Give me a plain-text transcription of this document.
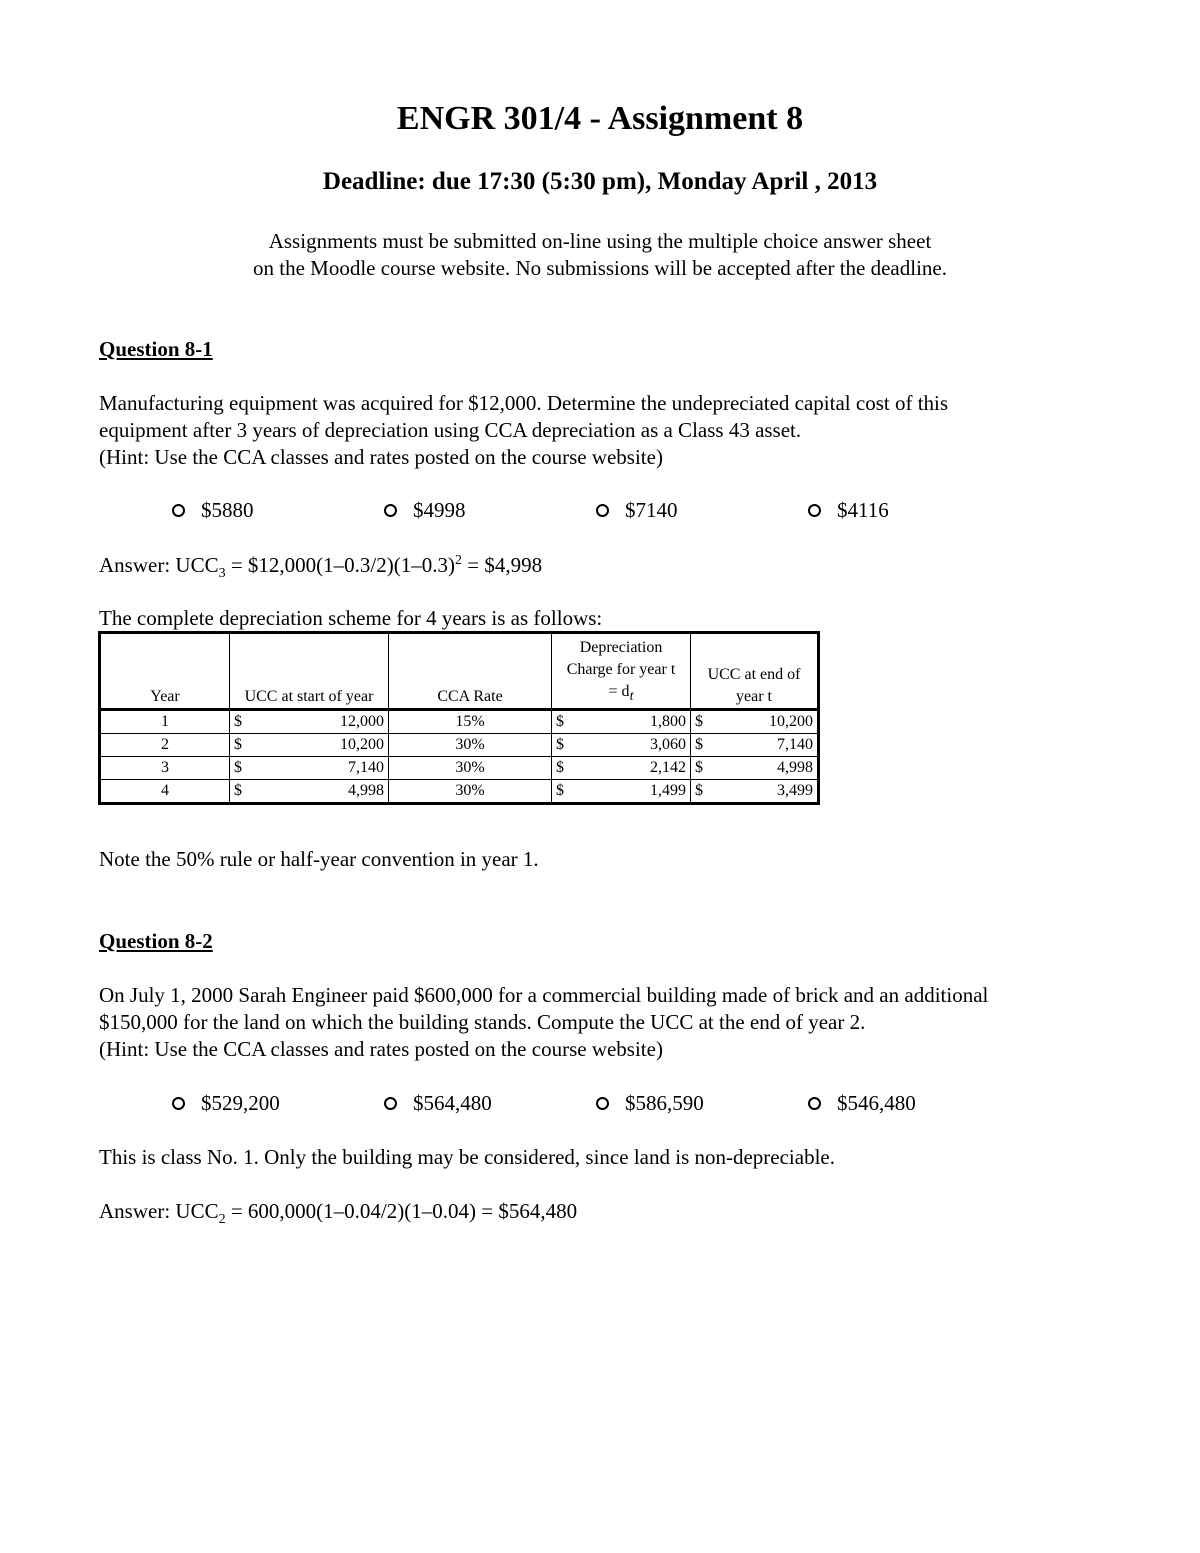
ENGR 301/4 - Assignment 8
Deadline: due 17:30 (5:30 pm), Monday April , 2013
Assignments must be submitted on-line using the multiple choice answer sheet
on the Moodle course website. No submissions will be accepted after the deadline.
Question 8-1
Manufacturing equipment was acquired for $12,000. Determine the undepreciated capital cost of this
equipment after 3 years of depreciation using CCA depreciation as a Class 43 asset.
(Hint: Use the CCA classes and rates posted on the course website)
$5880	$4998	$7140	$4116
Answer: $UCC_3$ = $\$12,000(1-0.3/2)(1-0.3)^2$ = $4,998
The complete depreciation scheme for 4 years is as follows:
Year	UCC at start of year	CCA Rate	Depreciation
Charge for year t
= $d_t$	UCC at end of year t
1	$ 12,000	15%	$ 1,800	$ 10,200

2	$ 10,200	30%	$ 3,060	$ 7,140

3	$ 7,140	30%	$ 2,142	$ 4,998

4	$ 4,998	30%	$ 1,499	$ 3,499
Note the 50% rule or half-year convention in year 1.
Question 8-2
On July 1, 2000 Sarah Engineer paid $600,000 for a commercial building made of brick and an additional
$150,000 for the land on which the building stands. Compute the UCC at the end of year 2.
(Hint: Use the CCA classes and rates posted on the course website)
$529,200	$564,480	$586,590	$546,480
This is class No. 1. Only the building may be considered, since land is non-depreciable.
Answer: $UCC_2 = 600,000(1-0.04/2)(1-0.04)$ = $564,480
